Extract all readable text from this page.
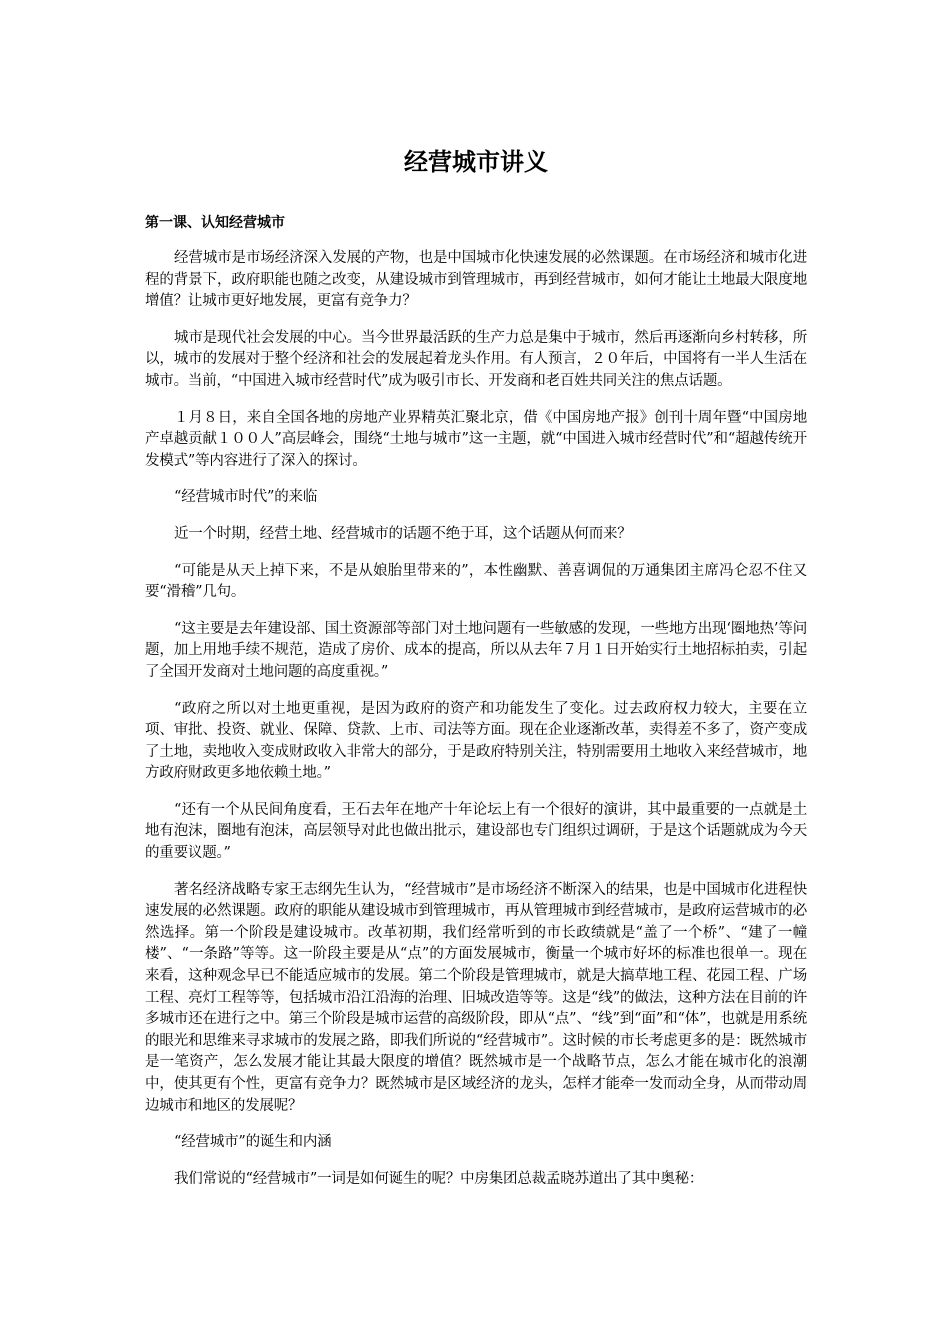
经营城市讲义
第一课、认知经营城市

经营城市是市场经济深入发展的产物，也是中国城市化快速发展的必然课题。在市场经济和城市化进程的背景下，政府职能也随之改变，从建设城市到管理城市，再到经营城市，如何才能让土地最大限度地增值？让城市更好地发展，更富有竞争力？

城市是现代社会发展的中心。当今世界最活跃的生产力总是集中于城市，然后再逐渐向乡村转移，所以，城市的发展对于整个经济和社会的发展起着龙头作用。有人预言，２０年后，中国将有一半人生活在城市。当前，“中国进入城市经营时代”成为吸引市长、开发商和老百姓共同关注的焦点话题。

１月８日，来自全国各地的房地产业界精英汇聚北京，借《中国房地产报》创刊十周年暨“中国房地产卓越贡献１００人”高层峰会，围绕“土地与城市”这一主题，就“中国进入城市经营时代”和“超越传统开发模式”等内容进行了深入的探讨。

“经营城市时代”的来临

近一个时期，经营土地、经营城市的话题不绝于耳，这个话题从何而来？

“可能是从天上掉下来，不是从娘胎里带来的”，本性幽默、善喜调侃的万通集团主席冯仑忍不住又要“滑稽”几句。

“这主要是去年建设部、国土资源部等部门对土地问题有一些敏感的发现，一些地方出现‘圈地热’等问题，加上用地手续不规范，造成了房价、成本的提高，所以从去年７月１日开始实行土地招标拍卖，引起了全国开发商对土地问题的高度重视。”

“政府之所以对土地更重视，是因为政府的资产和功能发生了变化。过去政府权力较大，主要在立项、审批、投资、就业、保障、贷款、上市、司法等方面。现在企业逐渐改革，卖得差不多了，资产变成了土地，卖地收入变成财政收入非常大的部分，于是政府特别关注，特别需要用土地收入来经营城市，地方政府财政更多地依赖土地。”

“还有一个从民间角度看，王石去年在地产十年论坛上有一个很好的演讲，其中最重要的一点就是土地有泡沫，圈地有泡沫，高层领导对此也做出批示，建设部也专门组织过调研，于是这个话题就成为今天的重要议题。”

著名经济战略专家王志纲先生认为，“经营城市”是市场经济不断深入的结果，也是中国城市化进程快速发展的必然课题。政府的职能从建设城市到管理城市，再从管理城市到经营城市，是政府运营城市的必然选择。第一个阶段是建设城市。改革初期，我们经常听到的市长政绩就是“盖了一个桥”、“建了一幢楼”、“一条路”等等。这一阶段主要是从“点”的方面发展城市，衡量一个城市好坏的标准也很单一。现在来看，这种观念早已不能适应城市的发展。第二个阶段是管理城市，就是大搞草地工程、花园工程、广场工程、亮灯工程等等，包括城市沿江沿海的治理、旧城改造等等。这是“线”的做法，这种方法在目前的许多城市还在进行之中。第三个阶段是城市运营的高级阶段，即从“点”、“线”到“面”和“体”，也就是用系统的眼光和思维来寻求城市的发展之路，即我们所说的“经营城市”。这时候的市长考虑更多的是：既然城市是一笔资产，怎么发展才能让其最大限度的增值？既然城市是一个战略节点，怎么才能在城市化的浪潮中，使其更有个性，更富有竞争力？既然城市是区域经济的龙头，怎样才能牵一发而动全身，从而带动周边城市和地区的发展呢？

“经营城市”的诞生和内涵

我们常说的“经营城市”一词是如何诞生的呢？中房集团总裁孟晓苏道出了其中奥秘：
